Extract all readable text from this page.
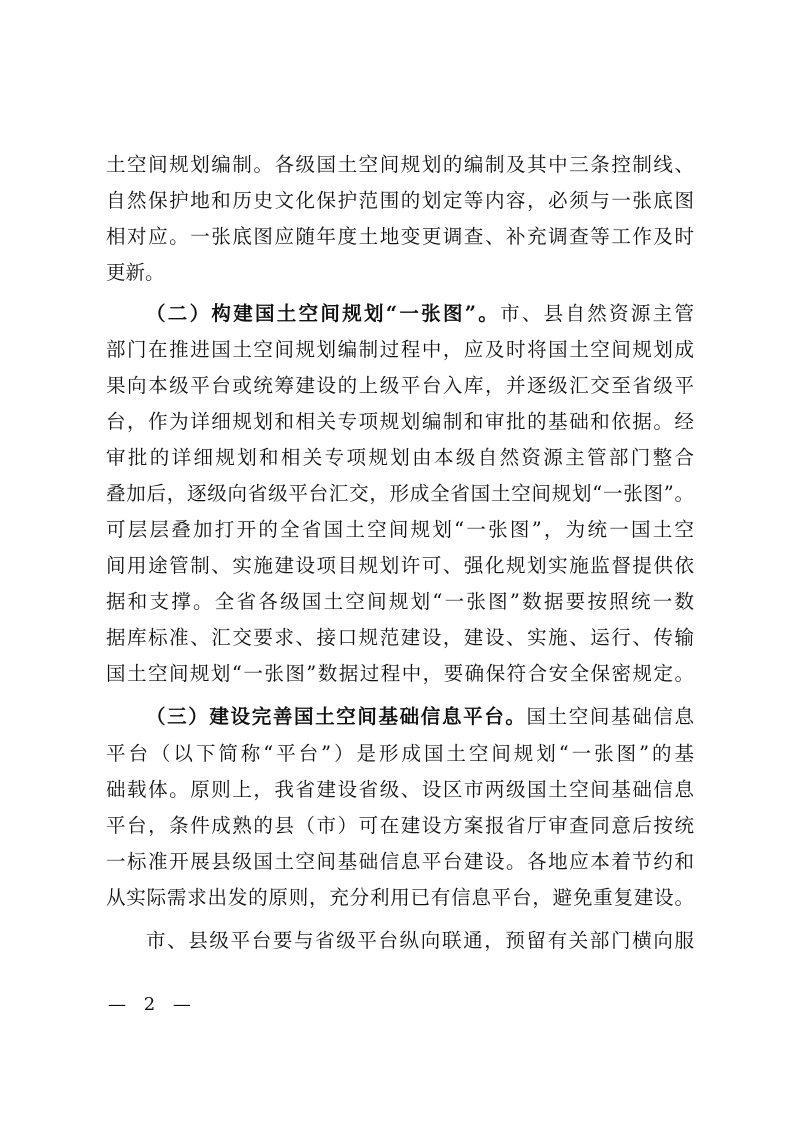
土空间规划编制。各级国土空间规划的编制及其中三条控制线、
自然保护地和历史文化保护范围的划定等内容，必须与一张底图
相对应。一张底图应随年度土地变更调查、补充调查等工作及时
更新。
（二）构建国土空间规划“一张图”。市、县自然资源主管
部门在推进国土空间规划编制过程中，应及时将国土空间规划成
果向本级平台或统筹建设的上级平台入库，并逐级汇交至省级平
台，作为详细规划和相关专项规划编制和审批的基础和依据。经
审批的详细规划和相关专项规划由本级自然资源主管部门整合
叠加后，逐级向省级平台汇交，形成全省国土空间规划“一张图”。
可层层叠加打开的全省国土空间规划“一张图”，为统一国土空
间用途管制、实施建设项目规划许可、强化规划实施监督提供依
据和支撑。全省各级国土空间规划“一张图”数据要按照统一数
据库标准、汇交要求、接口规范建设，建设、实施、运行、传输
国土空间规划“一张图”数据过程中，要确保符合安全保密规定。
（三）建设完善国土空间基础信息平台。国土空间基础信息
平台（以下简称“平台”）是形成国土空间规划“一张图”的基
础载体。原则上，我省建设省级、设区市两级国土空间基础信息
平台，条件成熟的县（市）可在建设方案报省厅审查同意后按统
一标准开展县级国土空间基础信息平台建设。各地应本着节约和
从实际需求出发的原则，充分利用已有信息平台，避免重复建设。
市、县级平台要与省级平台纵向联通，预留有关部门横向服
— 2 —
